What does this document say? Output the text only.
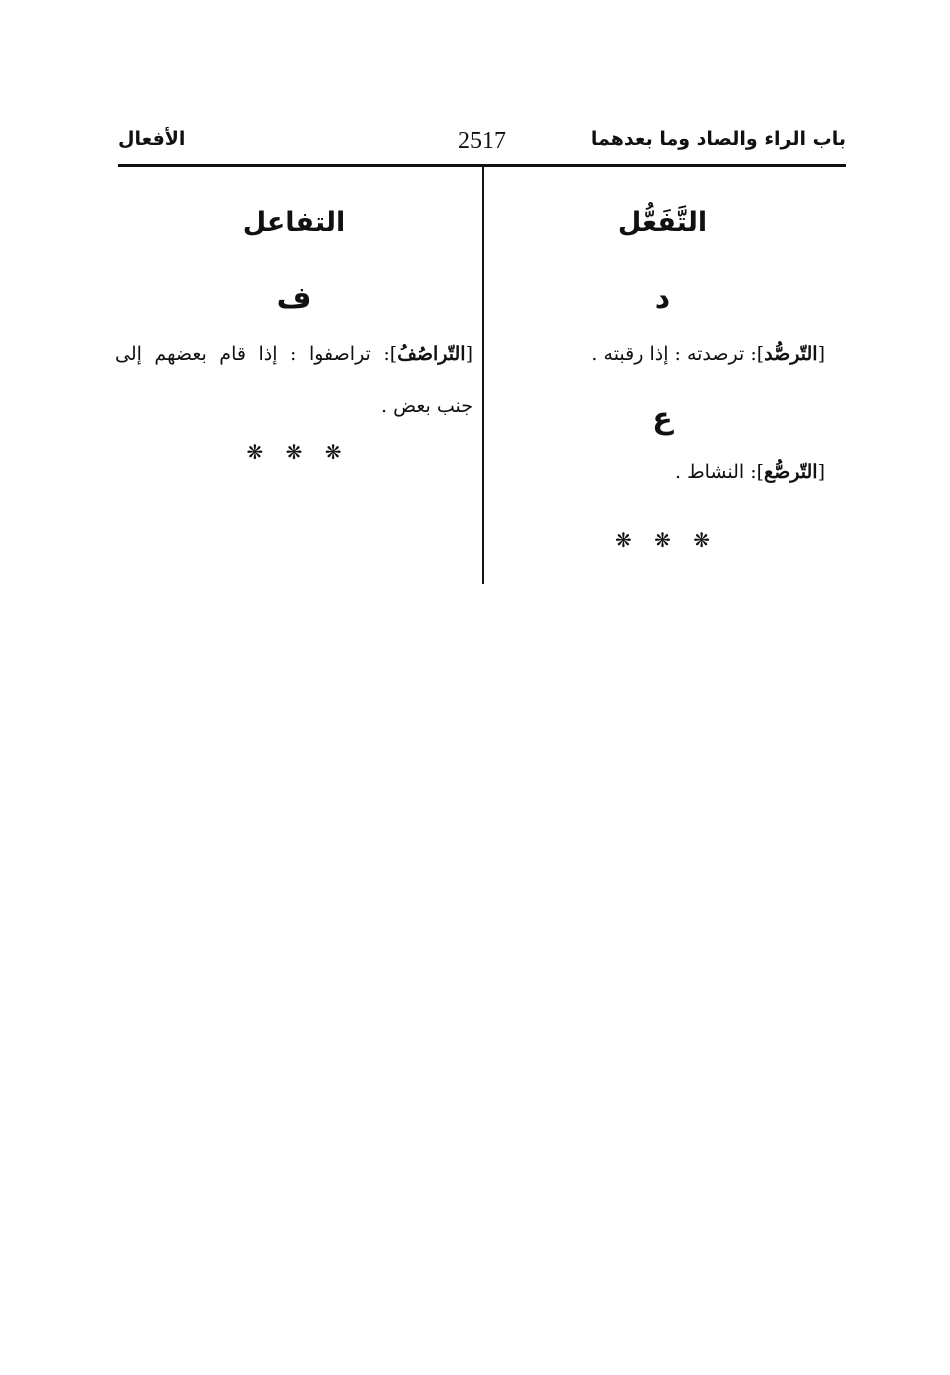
باب الراء والصاد وما بعدهما
2517
الأفعال
التَّفَعُّل
د
[التّرصُّد]: ترصدته : إذا رقبته .
ع
[التّرصُّع]: النشاط .
❋ ❋ ❋
التفاعل
ف
[التّراصُفُ]: تراصفوا : إذا قام بعضهم إلى جنب بعض .
❋ ❋ ❋
